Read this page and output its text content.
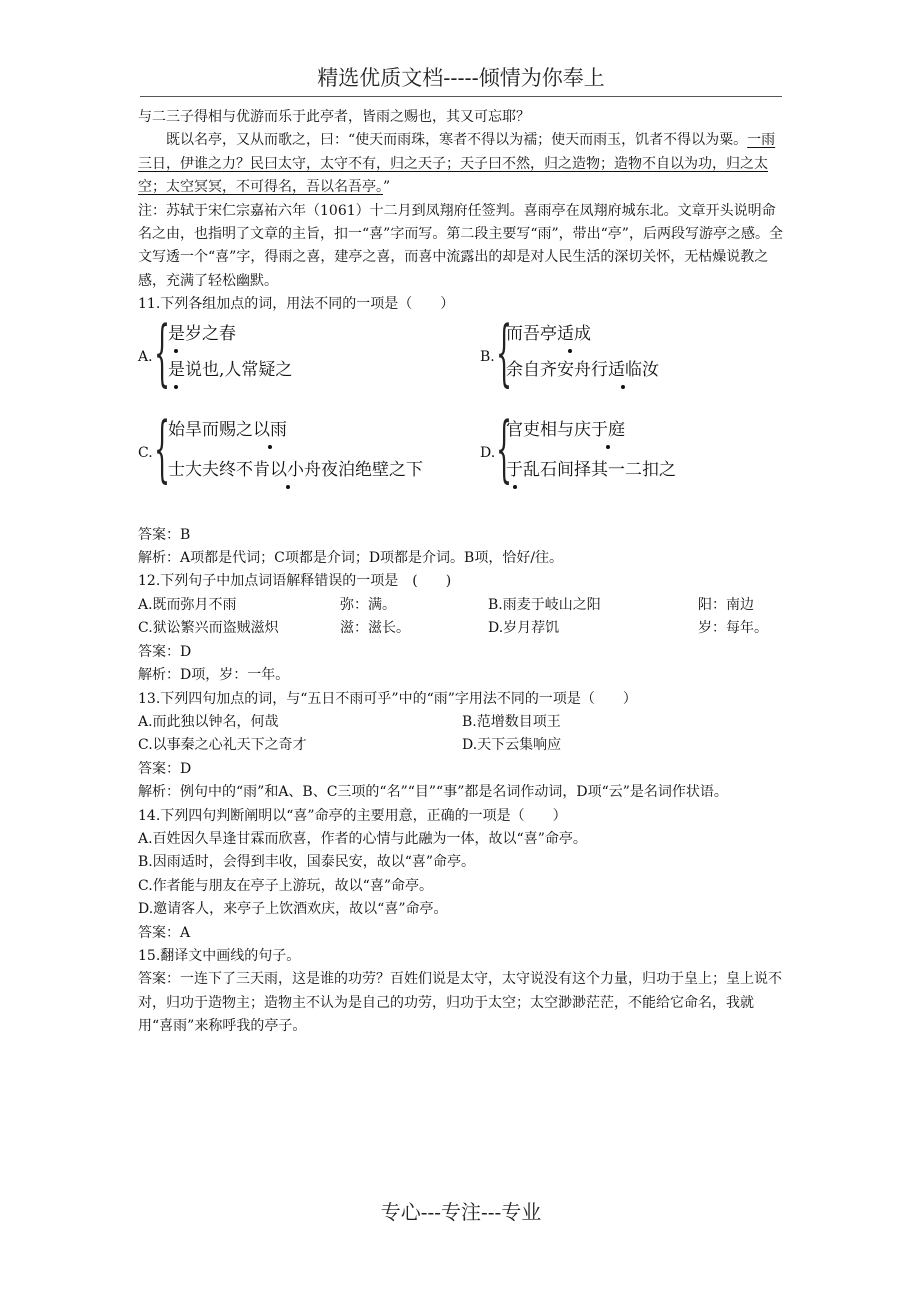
精选优质文档-----倾情为你奉上

与二三子得相与优游而乐于此亭者，皆雨之赐也，其又可忘耶？

既以名亭，又从而歌之，曰：“使天而雨珠，寒者不得以为襦；使天而雨玉，饥者不得以为粟。一雨三日，伊谁之力？民曰太守，太守不有，归之天子；天子曰不然，归之造物；造物不自以为功，归之太空；太空冥冥，不可得名，吾以名吾亭。”

注：苏轼于宋仁宗嘉祐六年（1061）十二月到凤翔府任签判。喜雨亭在凤翔府城东北。文章开头说明命名之由，也指明了文章的主旨，扣一“喜”字而写。第二段主要写“雨”，带出“亭”，后两段写游亭之感。全文写透一个“喜”字，得雨之喜，建亭之喜，而喜中流露出的却是对人民生活的深切关怀，无枯燥说教之感，充满了轻松幽默。

11.下列各组加点的词，用法不同的一项是（　　）

A. {
是岁之春
是说也,人常疑之
B. {
而吾亭适成
余自齐安舟行适临汝
C. {
始旱而赐之以雨
士大夫终不肯以小舟夜泊绝壁之下
D. {
官吏相与庆于庭
于乱石间择其一二扣之

答案：B

解析：A项都是代词；C项都是介词；D项都是介词。B项，恰好/往。

12.下列句子中加点词语解释错误的一项是　(　　)

A.既而弥月不雨	弥：满。	B.雨麦于岐山之阳	阳：南边
C.狱讼繁兴而盗贼滋炽	滋：滋长。	D.岁月荐饥	岁：每年。

答案：D

解析：D项，岁：一年。

13.下列四句加点的词，与“五日不雨可乎”中的“雨”字用法不同的一项是（　　）

A.而此独以钟名，何哉	B.范增数目项王
C.以事秦之心礼天下之奇才	D.天下云集响应

答案：D

解析：例句中的“雨”和A、B、C三项的“名”“目”“事”都是名词作动词，D项“云”是名词作状语。

14.下列四句判断阐明以“喜”命亭的主要用意，正确的一项是（　　）

A.百姓因久旱逢甘霖而欣喜，作者的心情与此融为一体，故以“喜”命亭。

B.因雨适时，会得到丰收，国泰民安，故以“喜”命亭。

C.作者能与朋友在亭子上游玩，故以“喜”命亭。

D.邀请客人，来亭子上饮酒欢庆，故以“喜”命亭。

答案：A

15.翻译文中画线的句子。

答案：一连下了三天雨，这是谁的功劳？百姓们说是太守，太守说没有这个力量，归功于皇上；皇上说不对，归功于造物主；造物主不认为是自己的功劳，归功于太空；太空渺渺茫茫，不能给它命名，我就用“喜雨”来称呼我的亭子。

专心---专注---专业
